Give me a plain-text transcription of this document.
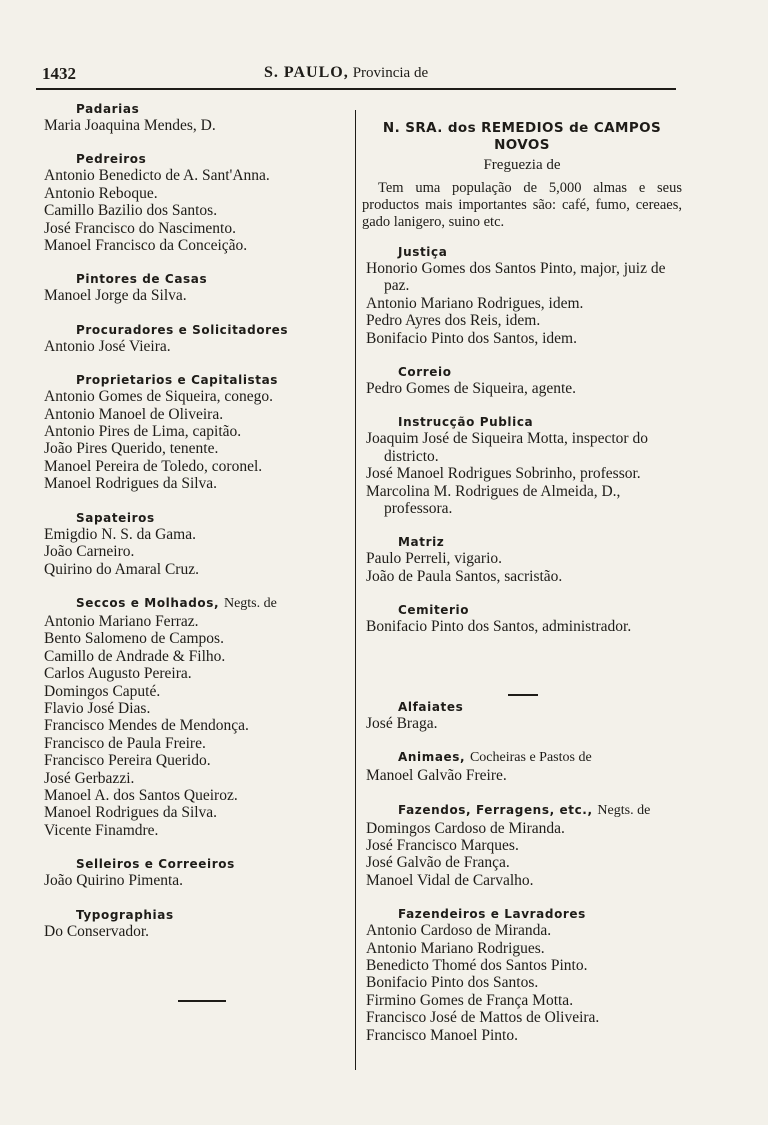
1432	S. PAULO, Provincia de
Padarias
Maria Joaquina Mendes, D.
Pedreiros
Antonio Benedicto de A. Sant'Anna.
Antonio Reboque.
Camillo Bazilio dos Santos.
José Francisco do Nascimento.
Manoel Francisco da Conceição.
Pintores de Casas
Manoel Jorge da Silva.
Procuradores e Solicitadores
Antonio José Vieira.
Proprietarios e Capitalistas
Antonio Gomes de Siqueira, conego.
Antonio Manoel de Oliveira.
Antonio Pires de Lima, capitão.
João Pires Querido, tenente.
Manoel Pereira de Toledo, coronel.
Manoel Rodrigues da Silva.
Sapateiros
Emigdio N. S. da Gama.
João Carneiro.
Quirino do Amaral Cruz.
Seccos e Molhados, Negts. de
Antonio Mariano Ferraz.
Bento Salomeno de Campos.
Camillo de Andrade & Filho.
Carlos Augusto Pereira.
Domingos Caputé.
Flavio José Dias.
Francisco Mendes de Mendonça.
Francisco de Paula Freire.
Francisco Pereira Querido.
José Gerbazzi.
Manoel A. dos Santos Queiroz.
Manoel Rodrigues da Silva.
Vicente Finamdre.
Selleiros e Correeiros
João Quirino Pimenta.
Typographias
Do Conservador.
N. SRA. dos REMEDIOS de CAMPOS NOVOS
Freguezia de
Tem uma população de 5,000 almas e seus productos mais importantes são: café, fumo, cereaes, gado lanigero, suino etc.
Justiça
Honorio Gomes dos Santos Pinto, major, juiz de paz.
Antonio Mariano Rodrigues, idem.
Pedro Ayres dos Reis, idem.
Bonifacio Pinto dos Santos, idem.
Correio
Pedro Gomes de Siqueira, agente.
Instrucção Publica
Joaquim José de Siqueira Motta, inspector do districto.
José Manoel Rodrigues Sobrinho, professor.
Marcolina M. Rodrigues de Almeida, D., professora.
Matriz
Paulo Perreli, vigario.
João de Paula Santos, sacristão.
Cemiterio
Bonifacio Pinto dos Santos, administrador.
Alfaiates
José Braga.
Animaes, Cocheiras e Pastos de
Manoel Galvão Freire.
Fazendos, Ferragens, etc., Negts. de
Domingos Cardoso de Miranda.
José Francisco Marques.
José Galvão de França.
Manoel Vidal de Carvalho.
Fazendeiros e Lavradores
Antonio Cardoso de Miranda.
Antonio Mariano Rodrigues.
Benedicto Thomé dos Santos Pinto.
Bonifacio Pinto dos Santos.
Firmino Gomes de França Motta.
Francisco José de Mattos de Oliveira.
Francisco Manoel Pinto.
